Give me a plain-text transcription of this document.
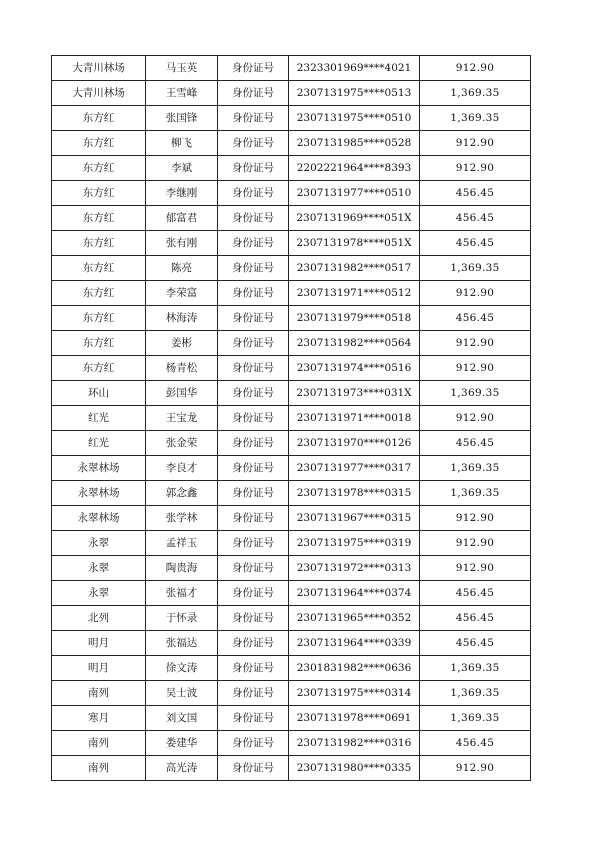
大青川林场	马玉英	身份证号	2323301969****4021	912.90
大青川林场	王雪峰	身份证号	2307131975****0513	1,369.35
东方红	张国锋	身份证号	2307131975****0510	1,369.35
东方红	柳飞	身份证号	2307131985****0528	912.90
东方红	李斌	身份证号	2202221964****8393	912.90
东方红	李继刚	身份证号	2307131977****0510	456.45
东方红	郁富君	身份证号	2307131969****051X	456.45
东方红	张有刚	身份证号	2307131978****051X	456.45
东方红	陈亮	身份证号	2307131982****0517	1,369.35
东方红	李荣富	身份证号	2307131971****0512	912.90
东方红	林海涛	身份证号	2307131979****0518	456.45
东方红	姜彬	身份证号	2307131982****0564	912.90
东方红	杨青松	身份证号	2307131974****0516	912.90
环山	彭国华	身份证号	2307131973****031X	1,369.35
红光	王宝龙	身份证号	2307131971****0018	912.90
红光	张金荣	身份证号	2307131970****0126	456.45
永翠林场	李良才	身份证号	2307131977****0317	1,369.35
永翠林场	郭念鑫	身份证号	2307131978****0315	1,369.35
永翠林场	张学林	身份证号	2307131967****0315	912.90
永翠	孟祥玉	身份证号	2307131975****0319	912.90
永翠	陶贵海	身份证号	2307131972****0313	912.90
永翠	张福才	身份证号	2307131964****0374	456.45
北列	于怀录	身份证号	2307131965****0352	456.45
明月	张福达	身份证号	2307131964****0339	456.45
明月	徐文涛	身份证号	2301831982****0636	1,369.35
南列	吴士波	身份证号	2307131975****0314	1,369.35
寒月	刘文国	身份证号	2307131978****0691	1,369.35
南列	娄建华	身份证号	2307131982****0316	456.45
南列	高光涛	身份证号	2307131980****0335	912.90
